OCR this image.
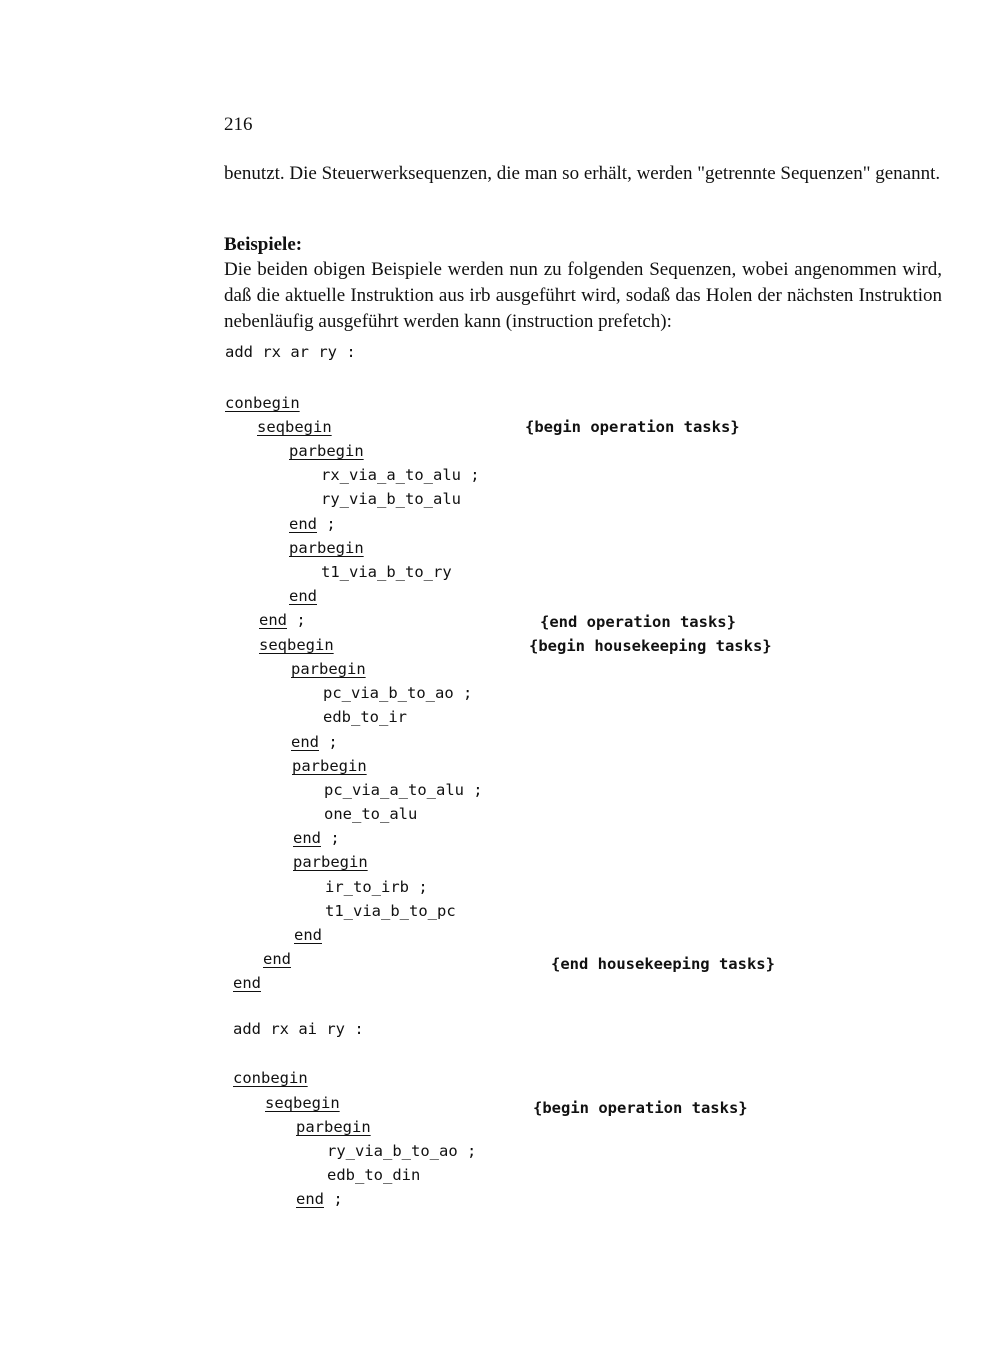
216
benutzt. Die Steuerwerksequenzen, die man so erhält, werden "getrennte Sequenzen" genannt.
Beispiele:
Die beiden obigen Beispiele werden nun zu folgenden Sequenzen, wobei angenommen wird, daß die aktuelle Instruktion aus irb ausgeführt wird, sodaß das Holen der nächsten Instruktion nebenläufig ausgeführt werden kann (instruction prefetch):
add rx ar ry :
conbegin
seqbegin
parbegin
rx_via_a_to_alu ;
ry_via_b_to_alu
end ;
parbegin
t1_via_b_to_ry
end
end ;
seqbegin
parbegin
pc_via_b_to_ao ;
edb_to_ir
end ;
parbegin
pc_via_a_to_alu ;
one_to_alu
end ;
parbegin
ir_to_irb ;
t1_via_b_to_pc
end
end
end
{begin operation tasks}
{end operation tasks}
{begin housekeeping tasks}
{end housekeeping tasks}
add rx ai ry :
conbegin
seqbegin
parbegin
ry_via_b_to_ao ;
edb_to_din
end ;
{begin operation tasks}
